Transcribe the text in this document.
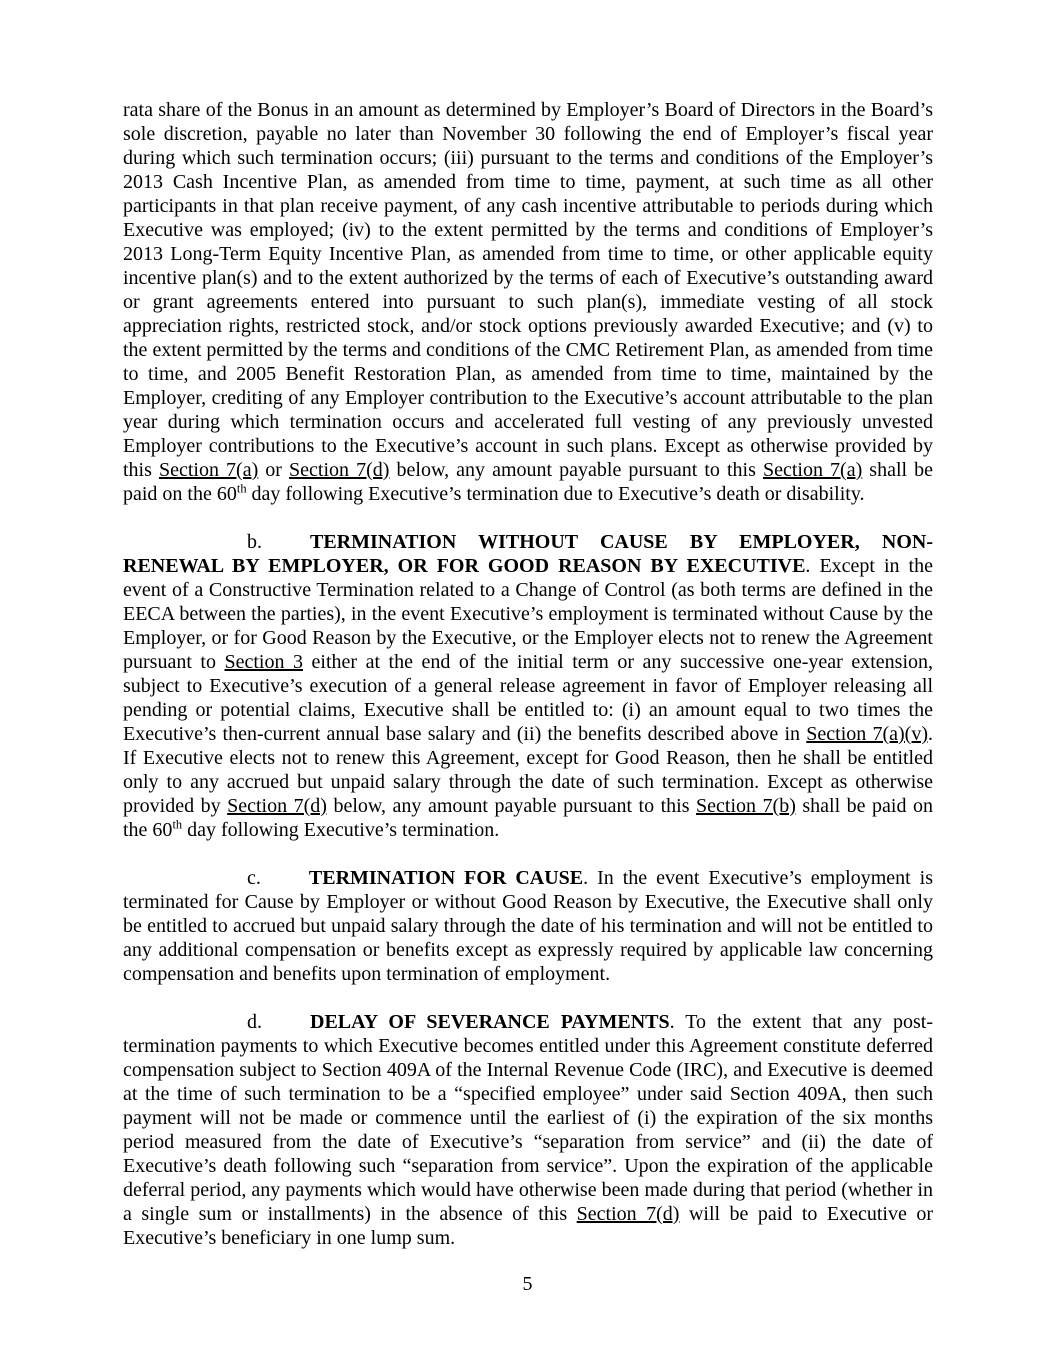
rata share of the Bonus in an amount as determined by Employer’s Board of Directors in the Board’s sole discretion, payable no later than November 30 following the end of Employer’s fiscal year during which such termination occurs; (iii) pursuant to the terms and conditions of the Employer’s 2013 Cash Incentive Plan, as amended from time to time, payment, at such time as all other participants in that plan receive payment, of any cash incentive attributable to periods during which Executive was employed; (iv) to the extent permitted by the terms and conditions of Employer’s 2013 Long-Term Equity Incentive Plan, as amended from time to time, or other applicable equity incentive plan(s) and to the extent authorized by the terms of each of Executive’s outstanding award or grant agreements entered into pursuant to such plan(s), immediate vesting of all stock appreciation rights, restricted stock, and/or stock options previously awarded Executive; and (v) to the extent permitted by the terms and conditions of the CMC Retirement Plan, as amended from time to time, and 2005 Benefit Restoration Plan, as amended from time to time, maintained by the Employer, crediting of any Employer contribution to the Executive’s account attributable to the plan year during which termination occurs and accelerated full vesting of any previously unvested Employer contributions to the Executive’s account in such plans. Except as otherwise provided by this Section 7(a) or Section 7(d) below, any amount payable pursuant to this Section 7(a) shall be paid on the 60th day following Executive’s termination due to Executive’s death or disability.

b. TERMINATION WITHOUT CAUSE BY EMPLOYER, NON-RENEWAL BY EMPLOYER, OR FOR GOOD REASON BY EXECUTIVE. Except in the event of a Constructive Termination related to a Change of Control (as both terms are defined in the EECA between the parties), in the event Executive’s employment is terminated without Cause by the Employer, or for Good Reason by the Executive, or the Employer elects not to renew the Agreement pursuant to Section 3 either at the end of the initial term or any successive one-year extension, subject to Executive’s execution of a general release agreement in favor of Employer releasing all pending or potential claims, Executive shall be entitled to: (i) an amount equal to two times the Executive’s then-current annual base salary and (ii) the benefits described above in Section 7(a)(v). If Executive elects not to renew this Agreement, except for Good Reason, then he shall be entitled only to any accrued but unpaid salary through the date of such termination. Except as otherwise provided by Section 7(d) below, any amount payable pursuant to this Section 7(b) shall be paid on the 60th day following Executive’s termination.

c. TERMINATION FOR CAUSE. In the event Executive’s employment is terminated for Cause by Employer or without Good Reason by Executive, the Executive shall only be entitled to accrued but unpaid salary through the date of his termination and will not be entitled to any additional compensation or benefits except as expressly required by applicable law concerning compensation and benefits upon termination of employment.

d. DELAY OF SEVERANCE PAYMENTS. To the extent that any post-termination payments to which Executive becomes entitled under this Agreement constitute deferred compensation subject to Section 409A of the Internal Revenue Code (IRC), and Executive is deemed at the time of such termination to be a “specified employee” under said Section 409A, then such payment will not be made or commence until the earliest of (i) the expiration of the six months period measured from the date of Executive’s “separation from service” and (ii) the date of Executive’s death following such “separation from service”. Upon the expiration of the applicable deferral period, any payments which would have otherwise been made during that period (whether in a single sum or installments) in the absence of this Section 7(d) will be paid to Executive or Executive’s beneficiary in one lump sum.

5
